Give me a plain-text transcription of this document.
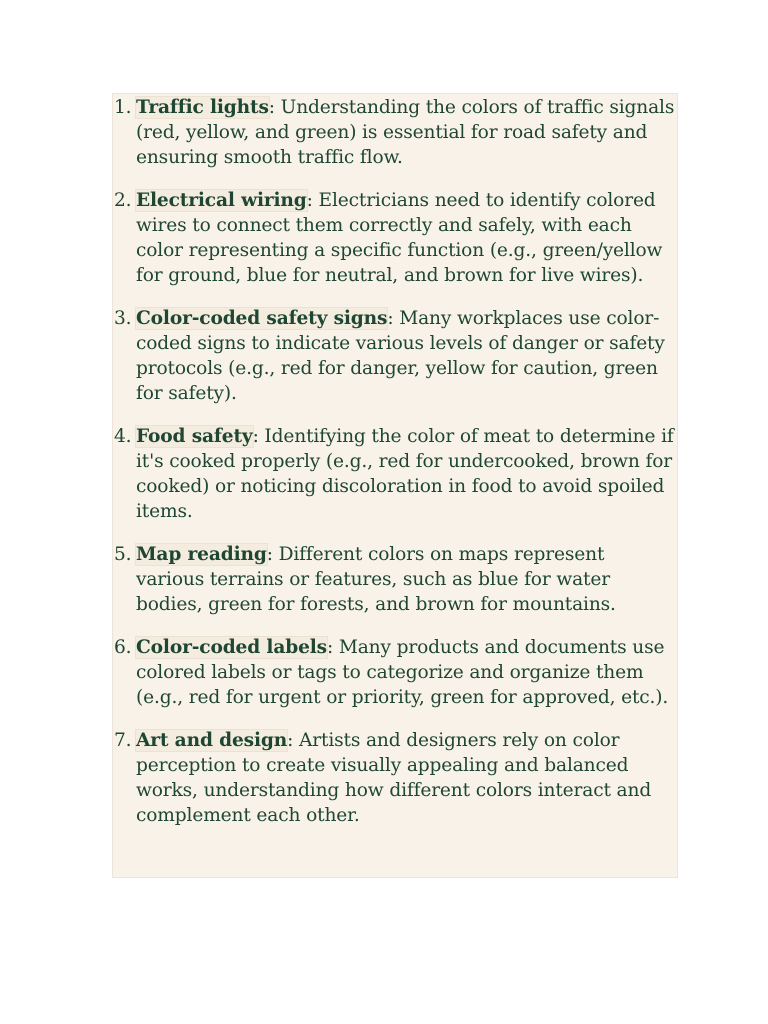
1. Traffic lights: Understanding the colors of traffic signals (red, yellow, and green) is essential for road safety and ensuring smooth traffic flow.
2. Electrical wiring: Electricians need to identify colored wires to connect them correctly and safely, with each color representing a specific function (e.g., green/yellow for ground, blue for neutral, and brown for live wires).
3. Color-coded safety signs: Many workplaces use color-coded signs to indicate various levels of danger or safety protocols (e.g., red for danger, yellow for caution, green for safety).
4. Food safety: Identifying the color of meat to determine if it's cooked properly (e.g., red for undercooked, brown for cooked) or noticing discoloration in food to avoid spoiled items.
5. Map reading: Different colors on maps represent various terrains or features, such as blue for water bodies, green for forests, and brown for mountains.
6. Color-coded labels: Many products and documents use colored labels or tags to categorize and organize them (e.g., red for urgent or priority, green for approved, etc.).
7. Art and design: Artists and designers rely on color perception to create visually appealing and balanced works, understanding how different colors interact and complement each other.
